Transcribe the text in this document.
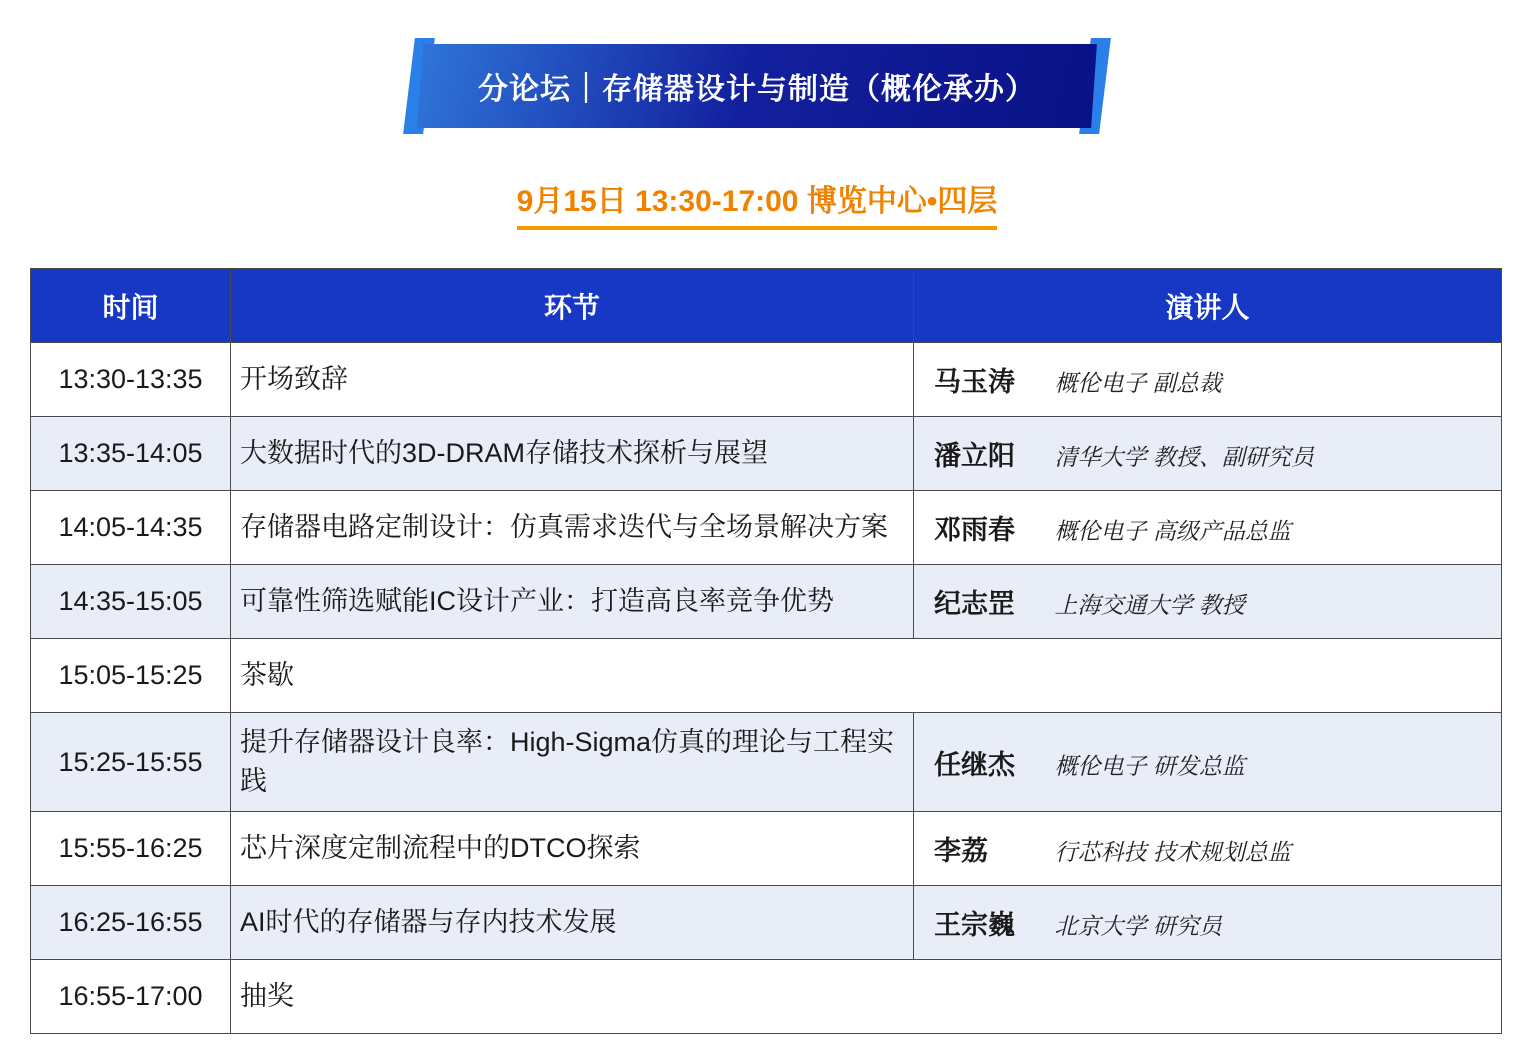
分论坛｜存储器设计与制造（概伦承办）
9月15日 13:30-17:00 博览中心•四层
时间	环节	演讲人
13:30-13:35	开场致辞	马玉涛 概伦电子 副总裁
13:35-14:05	大数据时代的3D-DRAM存储技术探析与展望	潘立阳 清华大学 教授、副研究员
14:05-14:35	存储器电路定制设计：仿真需求迭代与全场景解决方案	邓雨春 概伦电子 高级产品总监
14:35-15:05	可靠性筛选赋能IC设计产业：打造高良率竞争优势	纪志罡 上海交通大学 教授
15:05-15:25	茶歇	
15:25-15:55	提升存储器设计良率：High-Sigma仿真的理论与工程实践	任继杰 概伦电子 研发总监
15:55-16:25	芯片深度定制流程中的DTCO探索	李荔 行芯科技 技术规划总监
16:25-16:55	AI时代的存储器与存内技术发展	王宗巍 北京大学 研究员
16:55-17:00	抽奖	
